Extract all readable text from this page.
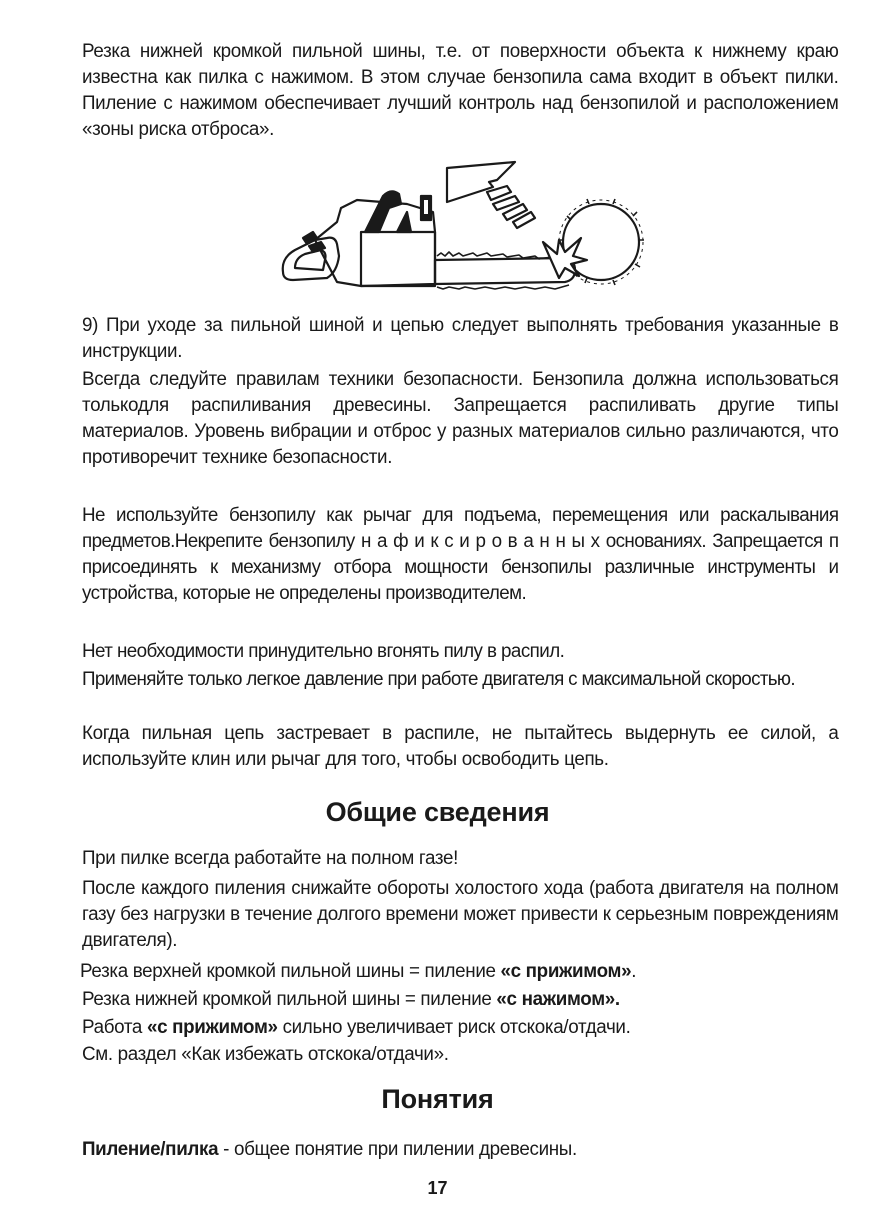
Резка нижней кромкой пильной шины, т.е. от поверхности объекта к нижнему краю известна как пилка с нажимом. В этом случае бензопила сама входит в объект пилки. Пиление с нажимом обеспечивает лучший контроль над бензопилой и расположением «зоны риска отброса».

9) При уходе за пильной шиной и цепью следует выполнять требования указанные в инструкции.

Всегда следуйте правилам техники безопасности. Бензопила должна использоваться толькодля распиливания древесины. Запрещается распиливать другие типы материалов. Уровень вибрации и отброс у разных материалов сильно различаются, что противоречит технике безопасности.

Не используйте бензопилу как рычаг для подъема, перемещения или раскалывания предметов.Некрепите бензопилу н а ф и к с и р о в а н н ы х основаниях. Запрещается п присоединять к механизму отбора мощности бензопилы различные инструменты и устройства, которые не определены производителем.

Нет необходимости принудительно вгонять пилу в распил.

Применяйте только легкое давление при работе двигателя с максимальной скоростью.

Когда пильная цепь застревает в распиле, не пытайтесь выдернуть ее силой, а используйте клин или рычаг для того, чтобы освободить цепь.

Общие сведения

При пилке всегда работайте на полном газе!

После каждого пиления снижайте обороты холостого хода (работа двигателя на полном газу без нагрузки в течение долгого времени может привести к серьезным повреждениям двигателя).

Резка верхней кромкой пильной шины = пиление «с прижимом».

Резка нижней кромкой пильной шины = пиление «с нажимом».

Работа «с прижимом» сильно увеличивает риск отскока/отдачи.

См. раздел «Как избежать отскока/отдачи».

Понятия

Пиление/пилка - общее понятие при пилении древесины.

17
